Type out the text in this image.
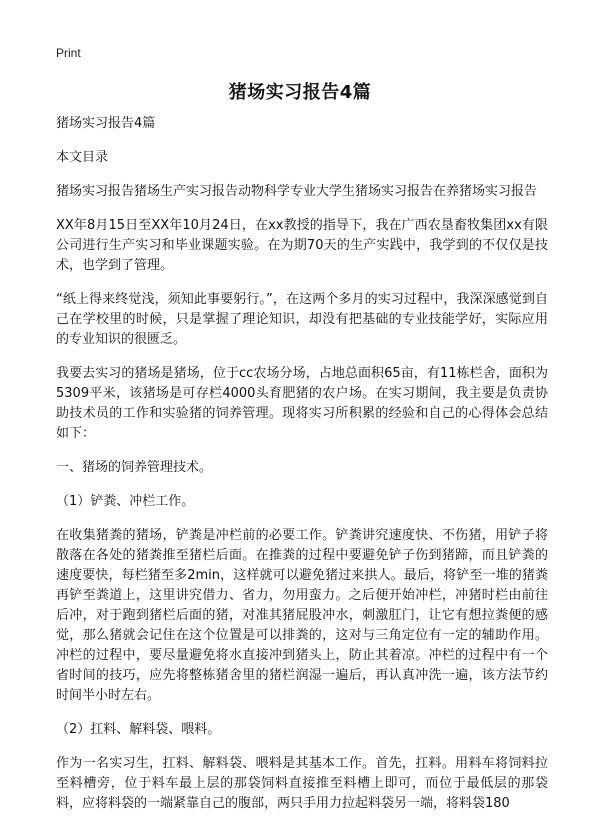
Print
猪场实习报告4篇

猪场实习报告4篇

本文目录

猪场实习报告猪场生产实习报告动物科学专业大学生猪场实习报告在养猪场实习报告

XX年8月15日至XX年10月24日，在xx教授的指导下，我在广西农垦畜牧集团xx有限公司进行生产实习和毕业课题实验。在为期70天的生产实践中，我学到的不仅仅是技术，也学到了管理。

“纸上得来终觉浅，须知此事要躬行。”，在这两个多月的实习过程中，我深深感觉到自己在学校里的时候，只是掌握了理论知识，却没有把基础的专业技能学好，实际应用的专业知识的很匮乏。

我要去实习的猪场是猪场，位于cc农场分场，占地总面积65亩，有11栋栏舍，面积为5309平米，该猪场是可存栏4000头育肥猪的农户场。在实习期间，我主要是负责协助技术员的工作和实验猪的饲养管理。现将实习所积累的经验和自己的心得体会总结如下：

一、猪场的饲养管理技术。

（1）铲粪、冲栏工作。

在收集猪粪的猪场，铲粪是冲栏前的必要工作。铲粪讲究速度快、不伤猪，用铲子将散落在各处的猪粪推至猪栏后面。在推粪的过程中要避免铲子伤到猪蹄，而且铲粪的速度要快，每栏猪至多2min，这样就可以避免猪过来拱人。最后，将铲至一堆的猪粪再铲至粪道上，这里讲究借力、省力，勿用蛮力。之后便开始冲栏，冲猪时栏由前往后冲，对于跑到猪栏后面的猪，对准其猪屁股冲水，刺激肛门，让它有想拉粪便的感觉，那么猪就会记住在这个位置是可以排粪的，这对与三角定位有一定的辅助作用。冲栏的过程中，要尽量避免将水直接冲到猪头上，防止其着凉。冲栏的过程中有一个省时间的技巧，应先将整栋猪舍里的猪栏润湿一遍后，再认真冲洗一遍，该方法节约时间半小时左右。

（2）扛料、解料袋、喂料。

作为一名实习生，扛料、解料袋、喂料是其基本工作。首先，扛料。用料车将饲料拉至料槽旁，位于料车最上层的那袋饲料直接推至料槽上即可，而位于最低层的那袋料，应将料袋的一端紧靠自己的腹部，两只手用力拉起料袋另一端，将料袋180
